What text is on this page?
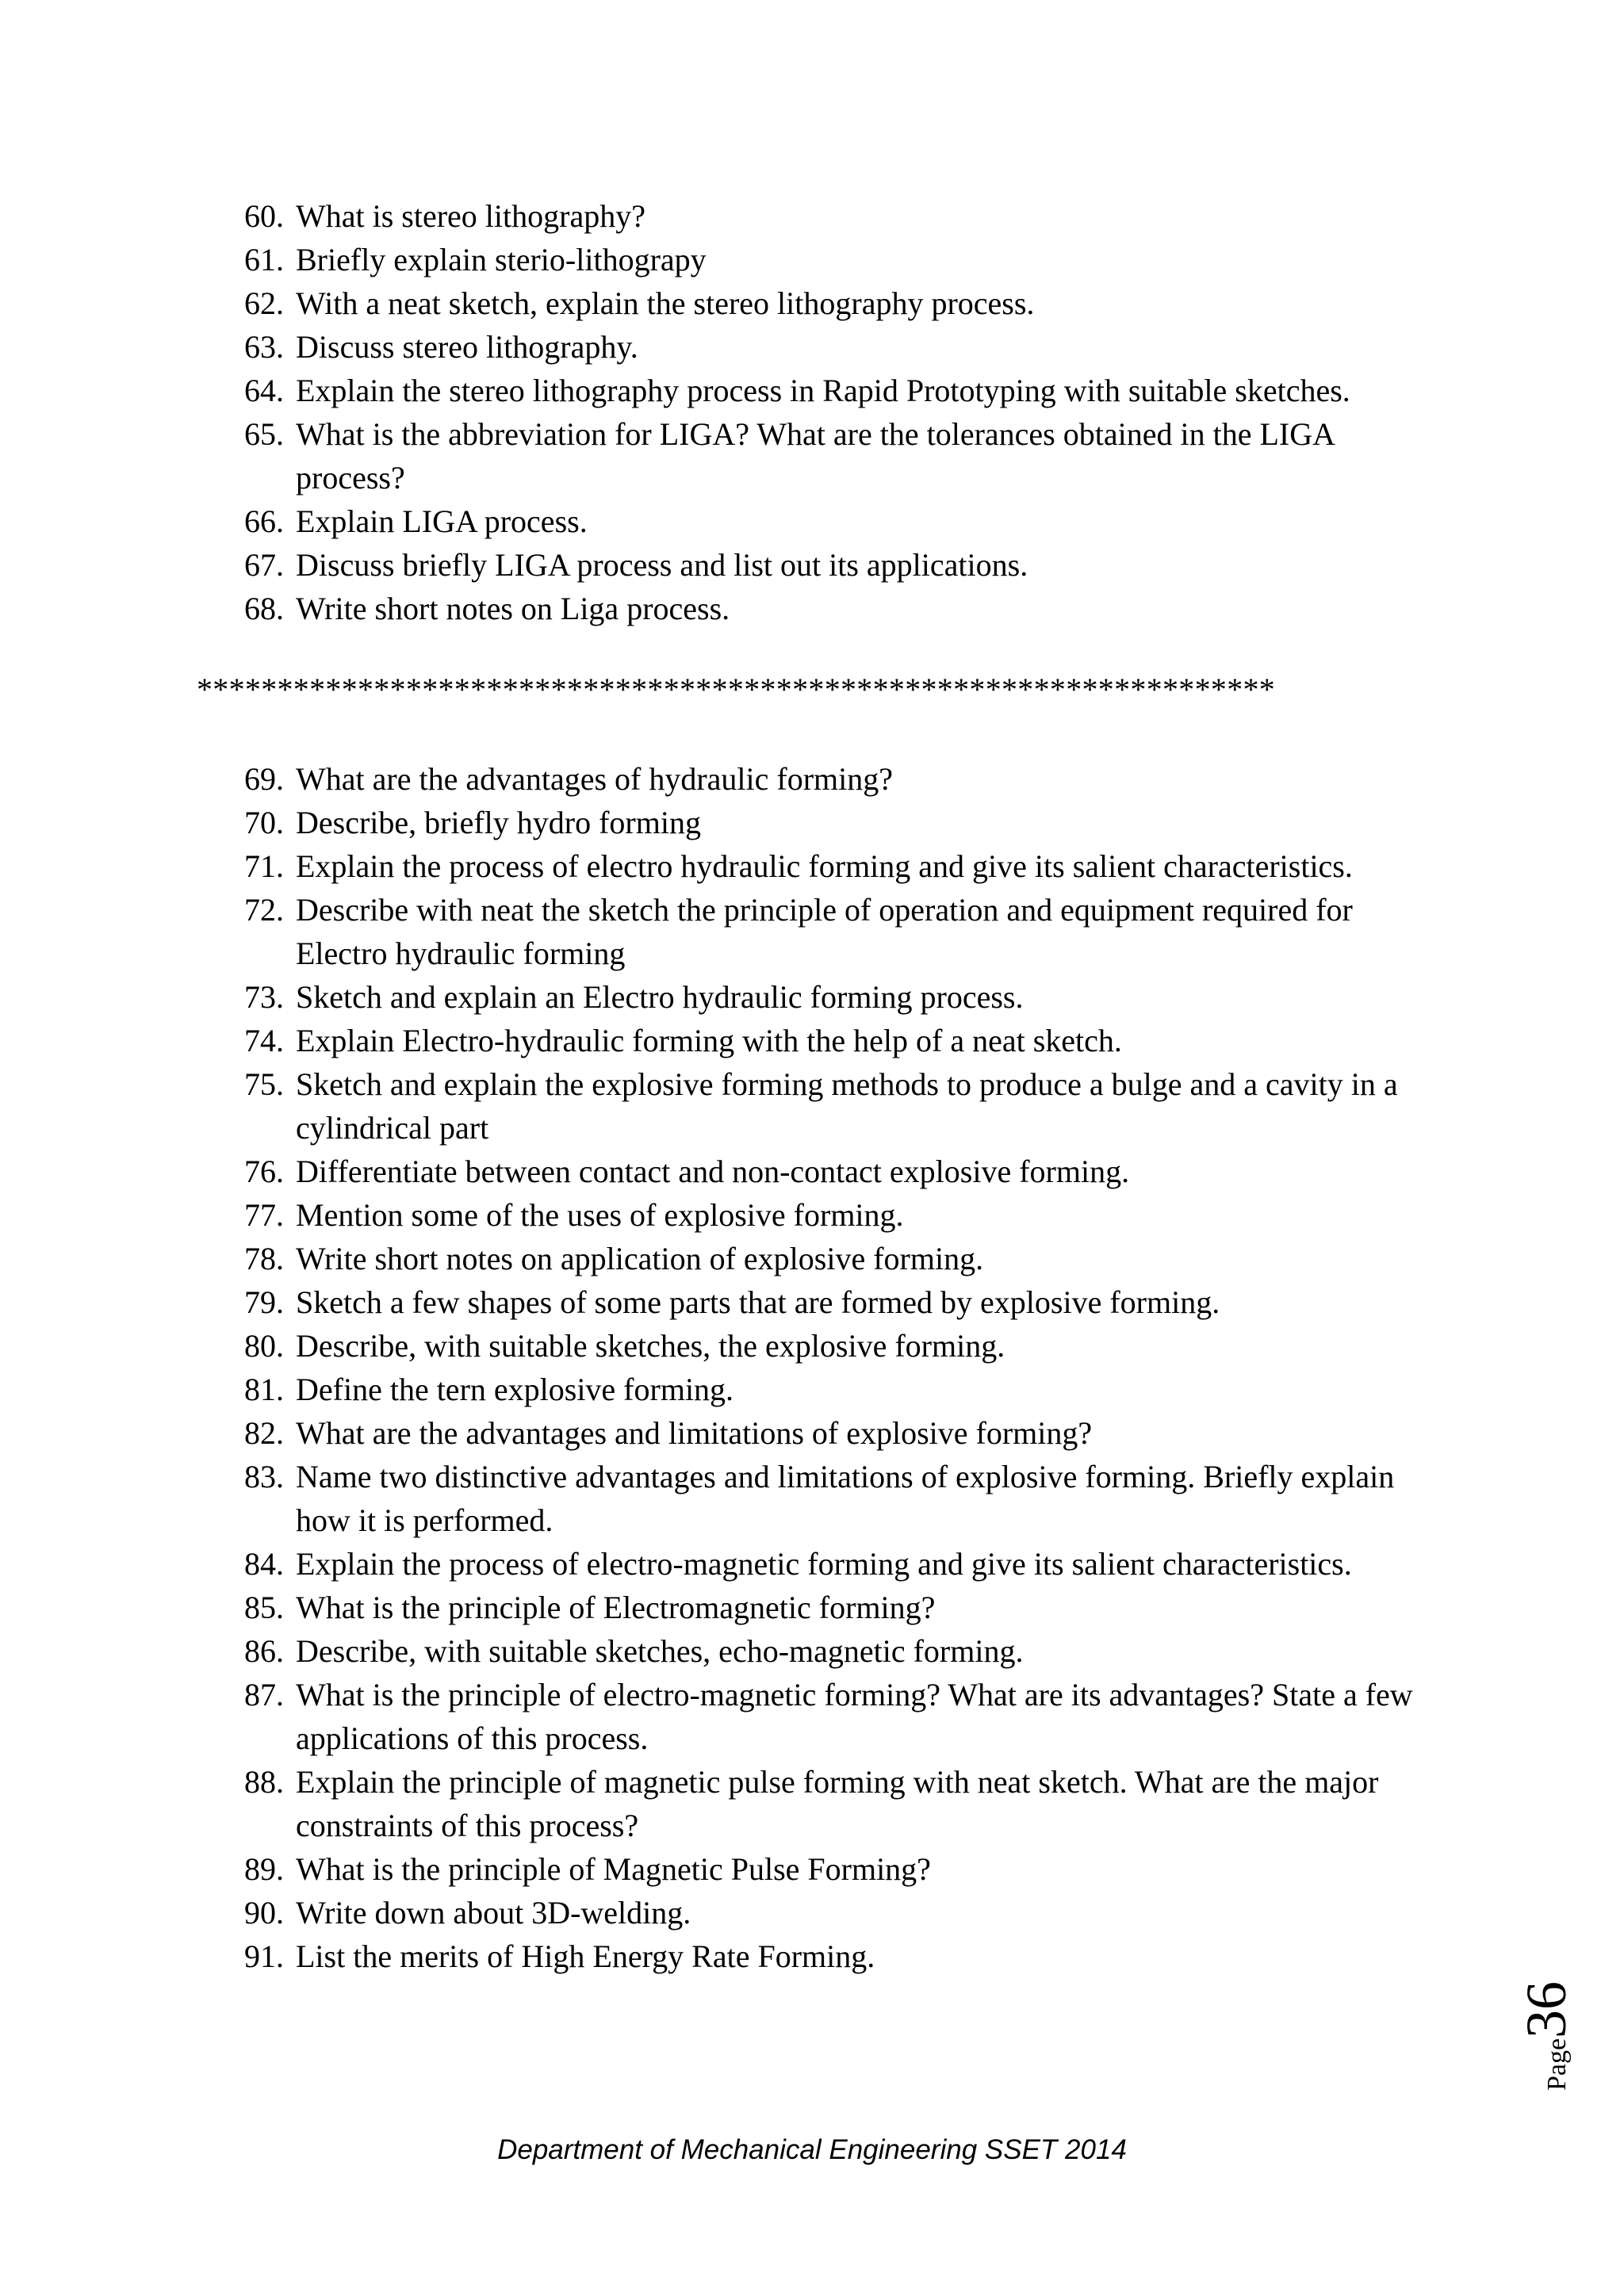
60. What is stereo lithography?
61. Briefly explain sterio-lithograpy
62. With a neat sketch, explain the stereo lithography process.
63. Discuss stereo lithography.
64. Explain the stereo lithography process in Rapid Prototyping with suitable sketches.
65. What is the abbreviation for LIGA? What are the tolerances obtained in the LIGA process?
66. Explain LIGA process.
67. Discuss briefly LIGA process and list out its applications.
68. Write short notes on Liga process.
*******************************************************************
69. What are the advantages of hydraulic forming?
70. Describe, briefly hydro forming
71. Explain the process of electro hydraulic forming and give its salient characteristics.
72. Describe with neat the sketch the principle of operation and equipment required for Electro hydraulic forming
73. Sketch and explain an Electro hydraulic forming process.
74. Explain Electro-hydraulic forming with the help of a neat sketch.
75. Sketch and explain the explosive forming methods to produce a bulge and a cavity in a cylindrical part
76. Differentiate between contact and non-contact explosive forming.
77. Mention some of the uses of explosive forming.
78. Write short notes on application of explosive forming.
79. Sketch a few shapes of some parts that are formed by explosive forming.
80. Describe, with suitable sketches, the explosive forming.
81. Define the tern explosive forming.
82. What are the advantages and limitations of explosive forming?
83. Name two distinctive advantages and limitations of explosive forming. Briefly explain how it is performed.
84. Explain the process of electro-magnetic forming and give its salient characteristics.
85. What is the principle of Electromagnetic forming?
86. Describe, with suitable sketches, echo-magnetic forming.
87. What is the principle of electro-magnetic forming? What are its advantages? State a few applications of this process.
88. Explain the principle of magnetic pulse forming with neat sketch. What are the major constraints of this process?
89. What is the principle of Magnetic Pulse Forming?
90. Write down about 3D-welding.
91. List the merits of High Energy Rate Forming.
Page36
Department of Mechanical Engineering SSET 2014
